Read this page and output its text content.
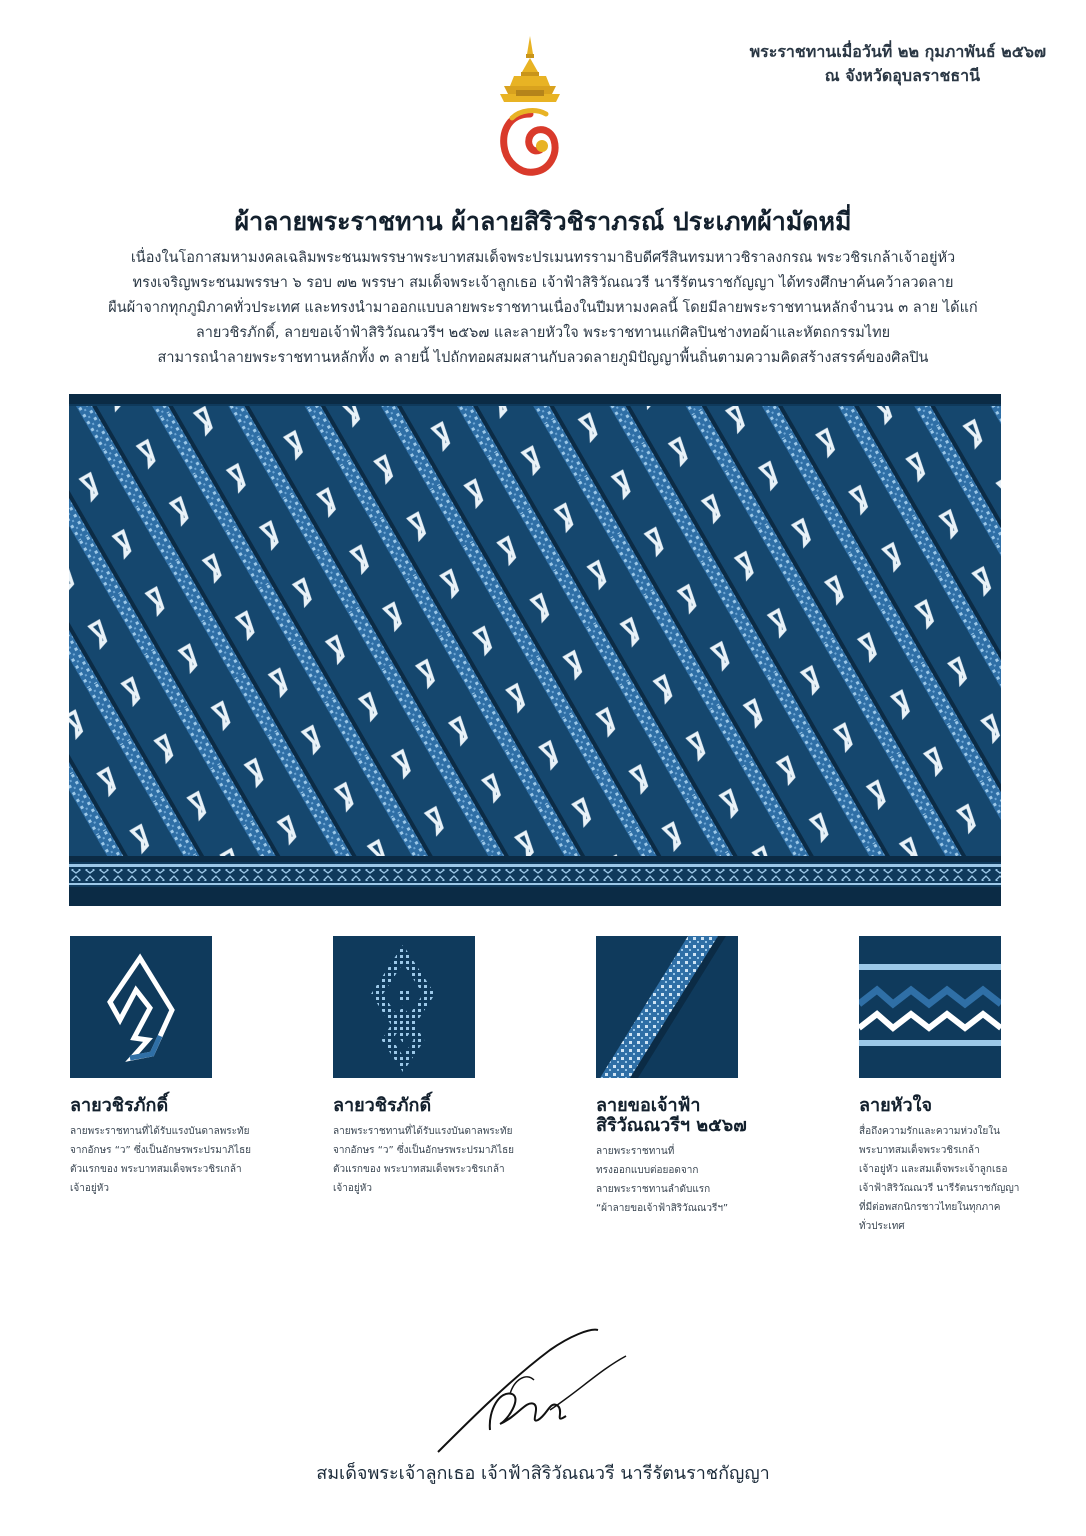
พระราชทานเมื่อวันที่ ๒๒ กุมภาพันธ์ ๒๕๖๗
ณ จังหวัดอุบลราชธานี
ผ้าลายพระราชทาน ผ้าลายสิริวชิราภรณ์ ประเภทผ้ามัดหมี่
เนื่องในโอกาสมหามงคลเฉลิมพระชนมพรรษาพระบาทสมเด็จพระปรเมนทรรามาธิบดีศรีสินทรมหาวชิราลงกรณ พระวชิรเกล้าเจ้าอยู่หัว
ทรงเจริญพระชนมพรรษา ๖ รอบ ๗๒ พรรษา สมเด็จพระเจ้าลูกเธอ เจ้าฟ้าสิริวัณณวรี นารีรัตนราชกัญญา ได้ทรงศึกษาค้นคว้าลวดลาย
ผืนผ้าจากทุกภูมิภาคทั่วประเทศ และทรงนำมาออกแบบลายพระราชทานเนื่องในปีมหามงคลนี้ โดยมีลายพระราชทานหลักจำนวน ๓ ลาย ได้แก่
ลายวชิรภักดิ์, ลายขอเจ้าฟ้าสิริวัณณวรีฯ ๒๕๖๗ และลายหัวใจ พระราชทานแก่ศิลปินช่างทอผ้าและหัตถกรรมไทย
สามารถนำลายพระราชทานหลักทั้ง ๓ ลายนี้ ไปถักทอผสมผสานกับลวดลายภูมิปัญญาพื้นถิ่นตามความคิดสร้างสรรค์ของศิลปิน
ลายวชิรภักดิ์
ลายพระราชทานที่ได้รับแรงบันดาลพระทัย
จากอักษร “ว” ซึ่งเป็นอักษรพระปรมาภิไธย
ตัวแรกของ พระบาทสมเด็จพระวชิรเกล้า
เจ้าอยู่หัว
ลายวชิรภักดิ์
ลายพระราชทานที่ได้รับแรงบันดาลพระทัย
จากอักษร “ว” ซึ่งเป็นอักษรพระปรมาภิไธย
ตัวแรกของ พระบาทสมเด็จพระวชิรเกล้า
เจ้าอยู่หัว
ลายขอเจ้าฟ้า
สิริวัณณวรีฯ ๒๕๖๗
ลายพระราชทานที่
ทรงออกแบบต่อยอดจาก
ลายพระราชทานลำดับแรก
“ผ้าลายขอเจ้าฟ้าสิริวัณณวรีฯ”
ลายหัวใจ
สื่อถึงความรักและความห่วงใยใน
พระบาทสมเด็จพระวชิรเกล้า
เจ้าอยู่หัว และสมเด็จพระเจ้าลูกเธอ
เจ้าฟ้าสิริวัณณวรี นารีรัตนราชกัญญา
ที่มีต่อพสกนิกรชาวไทยในทุกภาค
ทั่วประเทศ
สมเด็จพระเจ้าลูกเธอ เจ้าฟ้าสิริวัณณวรี นารีรัตนราชกัญญา
